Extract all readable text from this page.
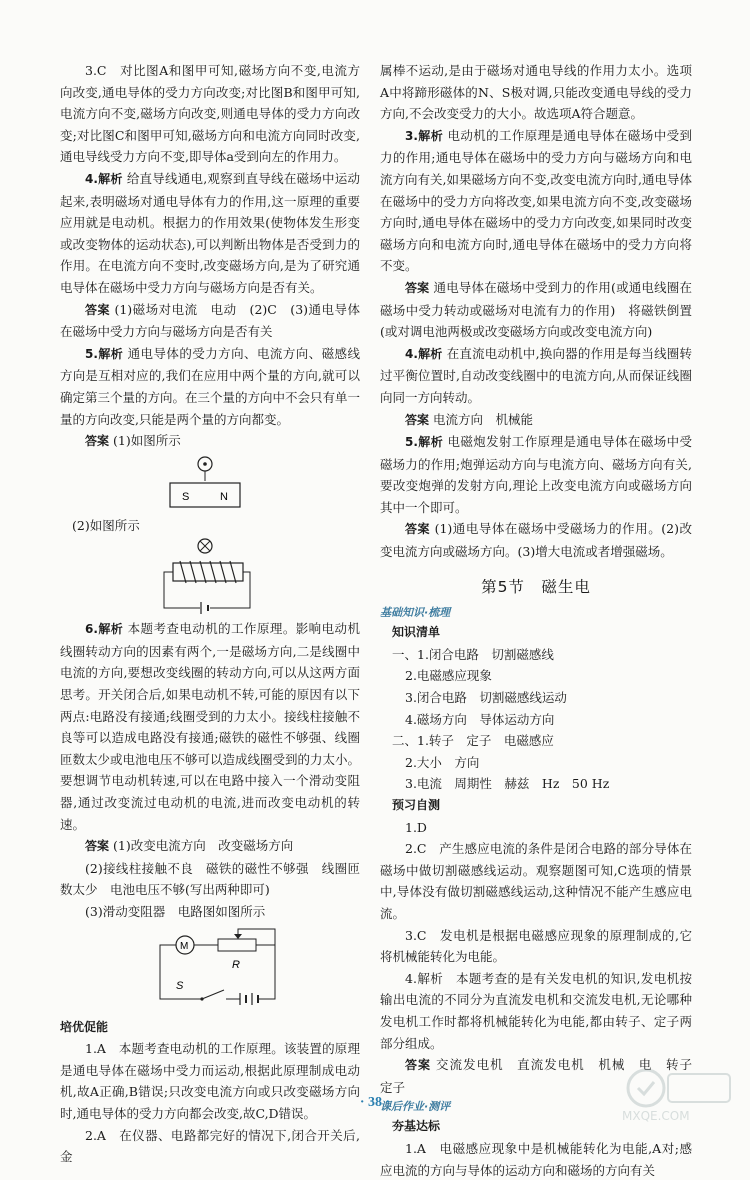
3.C　对比图A和图甲可知,磁场方向不变,电流方向改变,通电导体的受力方向改变;对比图B和图甲可知,电流方向不变,磁场方向改变,则通电导体的受力方向改变;对比图C和图甲可知,磁场方向和电流方向同时改变,通电导线受力方向不变,即导体a受到向左的作用力。

4.解析 给直导线通电,观察到直导线在磁场中运动起来,表明磁场对通电导体有力的作用,这一原理的重要应用就是电动机。根据力的作用效果(使物体发生形变或改变物体的运动状态),可以判断出物体是否受到力的作用。在电流方向不变时,改变磁场方向,是为了研究通电导体在磁场中受力方向与磁场方向是否有关。

答案 (1)磁场对电流　电动　(2)C　(3)通电导体在磁场中受力方向与磁场方向是否有关

5.解析 通电导体的受力方向、电流方向、磁感线方向是互相对应的,我们在应用中两个量的方向,就可以确定第三个量的方向。在三个量的方向中不会只有单一量的方向改变,只能是两个量的方向都变。

答案 (1)如图所示

S	N

(2)如图所示

6.解析 本题考查电动机的工作原理。影响电动机线圈转动方向的因素有两个,一是磁场方向,二是线圈中电流的方向,要想改变线圈的转动方向,可以从这两方面思考。开关闭合后,如果电动机不转,可能的原因有以下两点:电路没有接通;线圈受到的力太小。接线柱接触不良等可以造成电路没有接通;磁铁的磁性不够强、线圈匝数太少或电池电压不够可以造成线圈受到的力太小。要想调节电动机转速,可以在电路中接入一个滑动变阻器,通过改变流过电动机的电流,进而改变电动机的转速。

答案 (1)改变电流方向　改变磁场方向

(2)接线柱接触不良　磁铁的磁性不够强　线圈匝数太少　电池电压不够(写出两种即可)

(3)滑动变阻器　电路图如图所示

M
R
S

培优促能

1.A　本题考查电动机的工作原理。该装置的原理是通电导体在磁场中受力而运动,根据此原理制成电动机,故A正确,B错误;只改变电流方向或只改变磁场方向时,通电导体的受力方向都会改变,故C,D错误。

2.A　在仪器、电路都完好的情况下,闭合开关后,金

属棒不运动,是由于磁场对通电导线的作用力太小。选项A中将蹄形磁体的N、S极对调,只能改变通电导线的受力方向,不会改变受力的大小。故选项A符合题意。

3.解析 电动机的工作原理是通电导体在磁场中受到力的作用;通电导体在磁场中的受力方向与磁场方向和电流方向有关,如果磁场方向不变,改变电流方向时,通电导体在磁场中的受力方向将改变,如果电流方向不变,改变磁场方向时,通电导体在磁场中的受力方向改变,如果同时改变磁场方向和电流方向时,通电导体在磁场中的受力方向将不变。

答案 通电导体在磁场中受到力的作用(或通电线圈在磁场中受力转动或磁场对电流有力的作用)　将磁铁倒置(或对调电池两极或改变磁场方向或改变电流方向)

4.解析 在直流电动机中,换向器的作用是每当线圈转过平衡位置时,自动改变线圈中的电流方向,从而保证线圈向同一方向转动。

答案 电流方向　机械能

5.解析 电磁炮发射工作原理是通电导体在磁场中受磁场力的作用;炮弹运动方向与电流方向、磁场方向有关,要改变炮弹的发射方向,理论上改变电流方向或磁场方向其中一个即可。

答案 (1)通电导体在磁场中受磁场力的作用。(2)改变电流方向或磁场方向。(3)增大电流或者增强磁场。

第5节　磁生电
基础知识·梳理

知识清单

一、1.闭合电路　切割磁感线

2.电磁感应现象

3.闭合电路　切割磁感线运动

4.磁场方向　导体运动方向

二、1.转子　定子　电磁感应

2.大小　方向

3.电流　周期性　赫兹　Hz　50 Hz

预习自测

1.D

2.C　产生感应电流的条件是闭合电路的部分导体在磁场中做切割磁感线运动。观察题图可知,C选项的情景中,导体没有做切割磁感线运动,这种情况不能产生感应电流。

3.C　发电机是根据电磁感应现象的原理制成的,它将机械能转化为电能。

4.解析　本题考查的是有关发电机的知识,发电机按输出电流的不同分为直流发电机和交流发电机,无论哪种发电机工作时都将机械能转化为电能,都由转子、定子两部分组成。

答案 交流发电机　直流发电机　机械　电　转子　定子

课后作业·测评

夯基达标

1.A　电磁感应现象中是机械能转化为电能,A对;感应电流的方向与导体的运动方向和磁场的方向有关

· 38 ·
MXQE.COM
